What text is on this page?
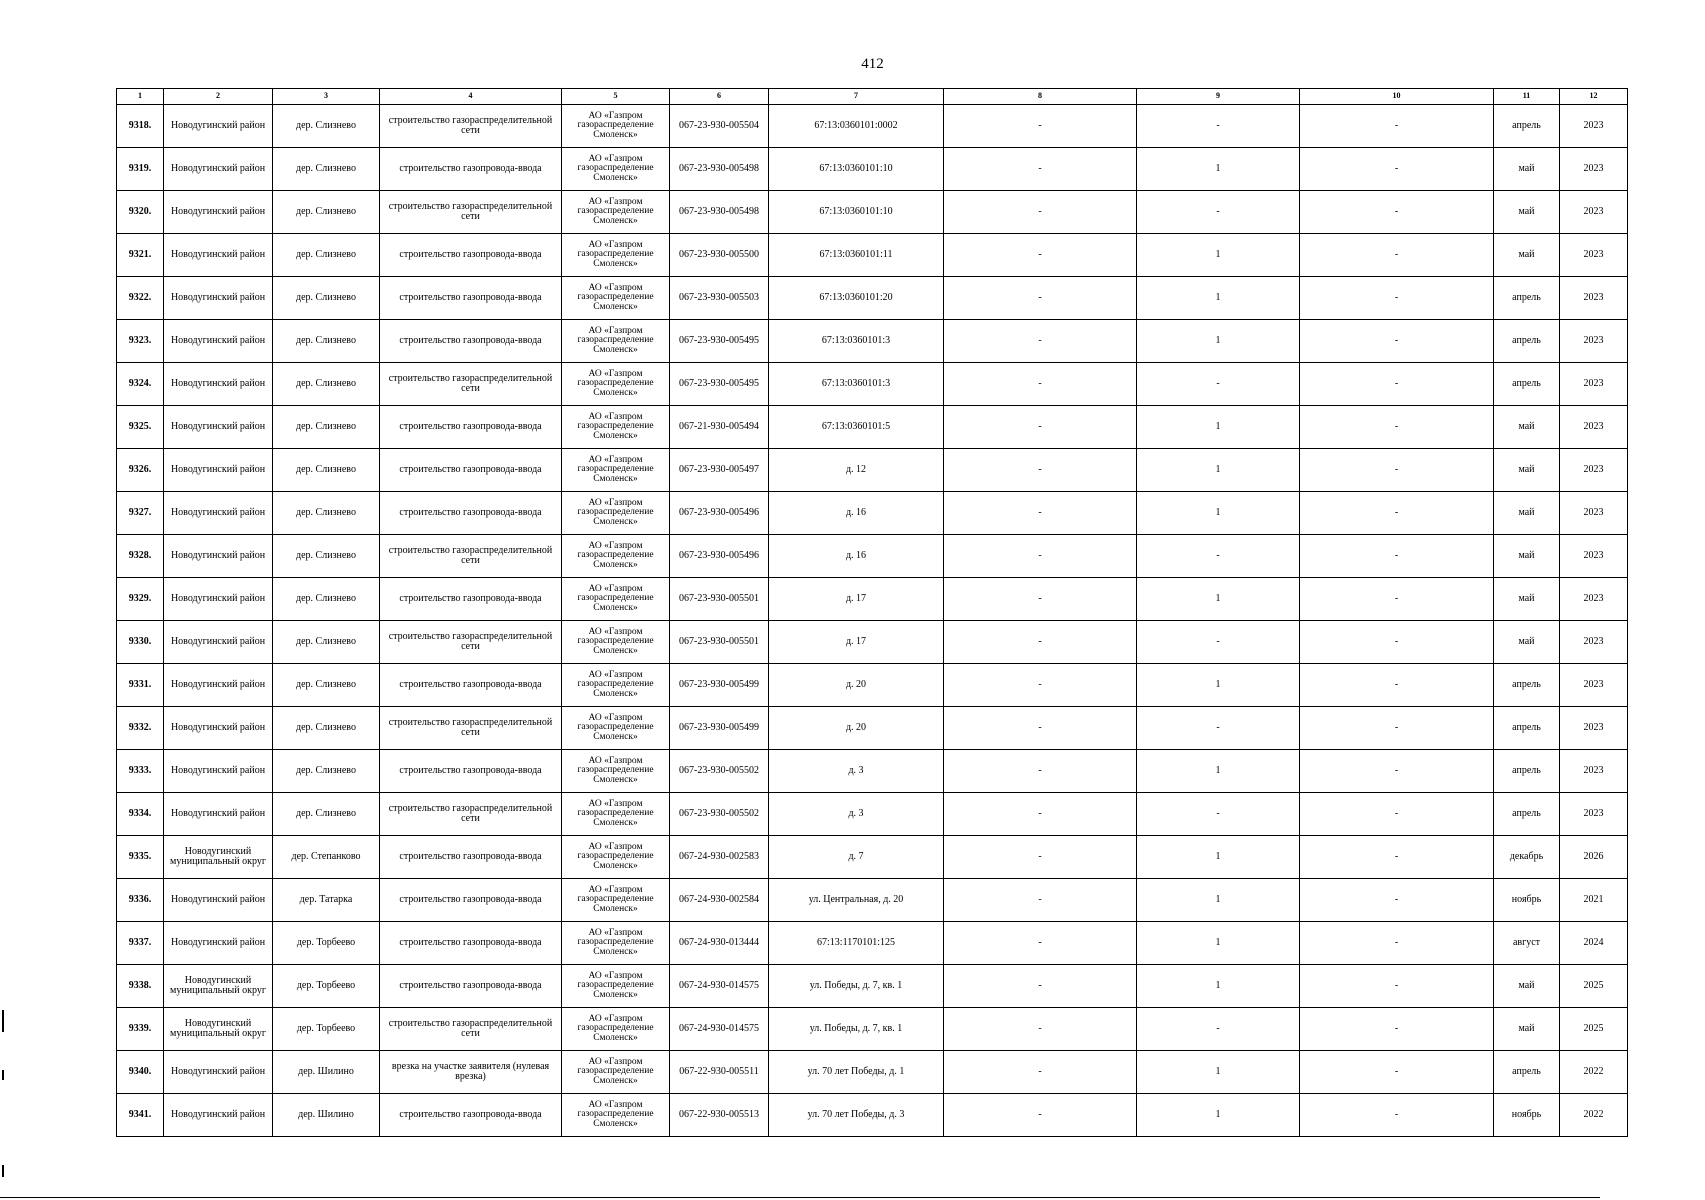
412
1	2	3	4	5	6	7	8	9	10	11	12
9318.	Новодугинский район	дер. Слизнево	строительство газораспределительной сети	АО «Газпром газораспределение Смоленск»	067-23-930-005504	67:13:0360101:0002	-	-	-	апрель	2023
9319.	Новодугинский район	дер. Слизнево	строительство газопровода-ввода	АО «Газпром газораспределение Смоленск»	067-23-930-005498	67:13:0360101:10	-	1	-	май	2023
9320.	Новодугинский район	дер. Слизнево	строительство газораспределительной сети	АО «Газпром газораспределение Смоленск»	067-23-930-005498	67:13:0360101:10	-	-	-	май	2023
9321.	Новодугинский район	дер. Слизнево	строительство газопровода-ввода	АО «Газпром газораспределение Смоленск»	067-23-930-005500	67:13:0360101:11	-	1	-	май	2023
9322.	Новодугинский район	дер. Слизнево	строительство газопровода-ввода	АО «Газпром газораспределение Смоленск»	067-23-930-005503	67:13:0360101:20	-	1	-	апрель	2023
9323.	Новодугинский район	дер. Слизнево	строительство газопровода-ввода	АО «Газпром газораспределение Смоленск»	067-23-930-005495	67:13:0360101:3	-	1	-	апрель	2023
9324.	Новодугинский район	дер. Слизнево	строительство газораспределительной сети	АО «Газпром газораспределение Смоленск»	067-23-930-005495	67:13:0360101:3	-	-	-	апрель	2023
9325.	Новодугинский район	дер. Слизнево	строительство газопровода-ввода	АО «Газпром газораспределение Смоленск»	067-21-930-005494	67:13:0360101:5	-	1	-	май	2023
9326.	Новодугинский район	дер. Слизнево	строительство газопровода-ввода	АО «Газпром газораспределение Смоленск»	067-23-930-005497	д. 12	-	1	-	май	2023
9327.	Новодугинский район	дер. Слизнево	строительство газопровода-ввода	АО «Газпром газораспределение Смоленск»	067-23-930-005496	д. 16	-	1	-	май	2023
9328.	Новодугинский район	дер. Слизнево	строительство газораспределительной сети	АО «Газпром газораспределение Смоленск»	067-23-930-005496	д. 16	-	-	-	май	2023
9329.	Новодугинский район	дер. Слизнево	строительство газопровода-ввода	АО «Газпром газораспределение Смоленск»	067-23-930-005501	д. 17	-	1	-	май	2023
9330.	Новодугинский район	дер. Слизнево	строительство газораспределительной сети	АО «Газпром газораспределение Смоленск»	067-23-930-005501	д. 17	-	-	-	май	2023
9331.	Новодугинский район	дер. Слизнево	строительство газопровода-ввода	АО «Газпром газораспределение Смоленск»	067-23-930-005499	д. 20	-	1	-	апрель	2023
9332.	Новодугинский район	дер. Слизнево	строительство газораспределительной сети	АО «Газпром газораспределение Смоленск»	067-23-930-005499	д. 20	-	-	-	апрель	2023
9333.	Новодугинский район	дер. Слизнево	строительство газопровода-ввода	АО «Газпром газораспределение Смоленск»	067-23-930-005502	д. 3	-	1	-	апрель	2023
9334.	Новодугинский район	дер. Слизнево	строительство газораспределительной сети	АО «Газпром газораспределение Смоленск»	067-23-930-005502	д. 3	-	-	-	апрель	2023
9335.	Новодугинский муниципальный округ	дер. Степанково	строительство газопровода-ввода	АО «Газпром газораспределение Смоленск»	067-24-930-002583	д. 7	-	1	-	декабрь	2026
9336.	Новодугинский район	дер. Татарка	строительство газопровода-ввода	АО «Газпром газораспределение Смоленск»	067-24-930-002584	ул. Центральная, д. 20	-	1	-	ноябрь	2021
9337.	Новодугинский район	дер. Торбеево	строительство газопровода-ввода	АО «Газпром газораспределение Смоленск»	067-24-930-013444	67:13:1170101:125	-	1	-	август	2024
9338.	Новодугинский муниципальный округ	дер. Торбеево	строительство газопровода-ввода	АО «Газпром газораспределение Смоленск»	067-24-930-014575	ул. Победы, д. 7, кв. 1	-	1	-	май	2025
9339.	Новодугинский муниципальный округ	дер. Торбеево	строительство газораспределительной сети	АО «Газпром газораспределение Смоленск»	067-24-930-014575	ул. Победы, д. 7, кв. 1	-	-	-	май	2025
9340.	Новодугинский район	дер. Шилино	врезка на участке заявителя (нулевая врезка)	АО «Газпром газораспределение Смоленск»	067-22-930-005511	ул. 70 лет Победы, д. 1	-	1	-	апрель	2022
9341.	Новодугинский район	дер. Шилино	строительство газопровода-ввода	АО «Газпром газораспределение Смоленск»	067-22-930-005513	ул. 70 лет Победы, д. 3	-	1	-	ноябрь	2022
